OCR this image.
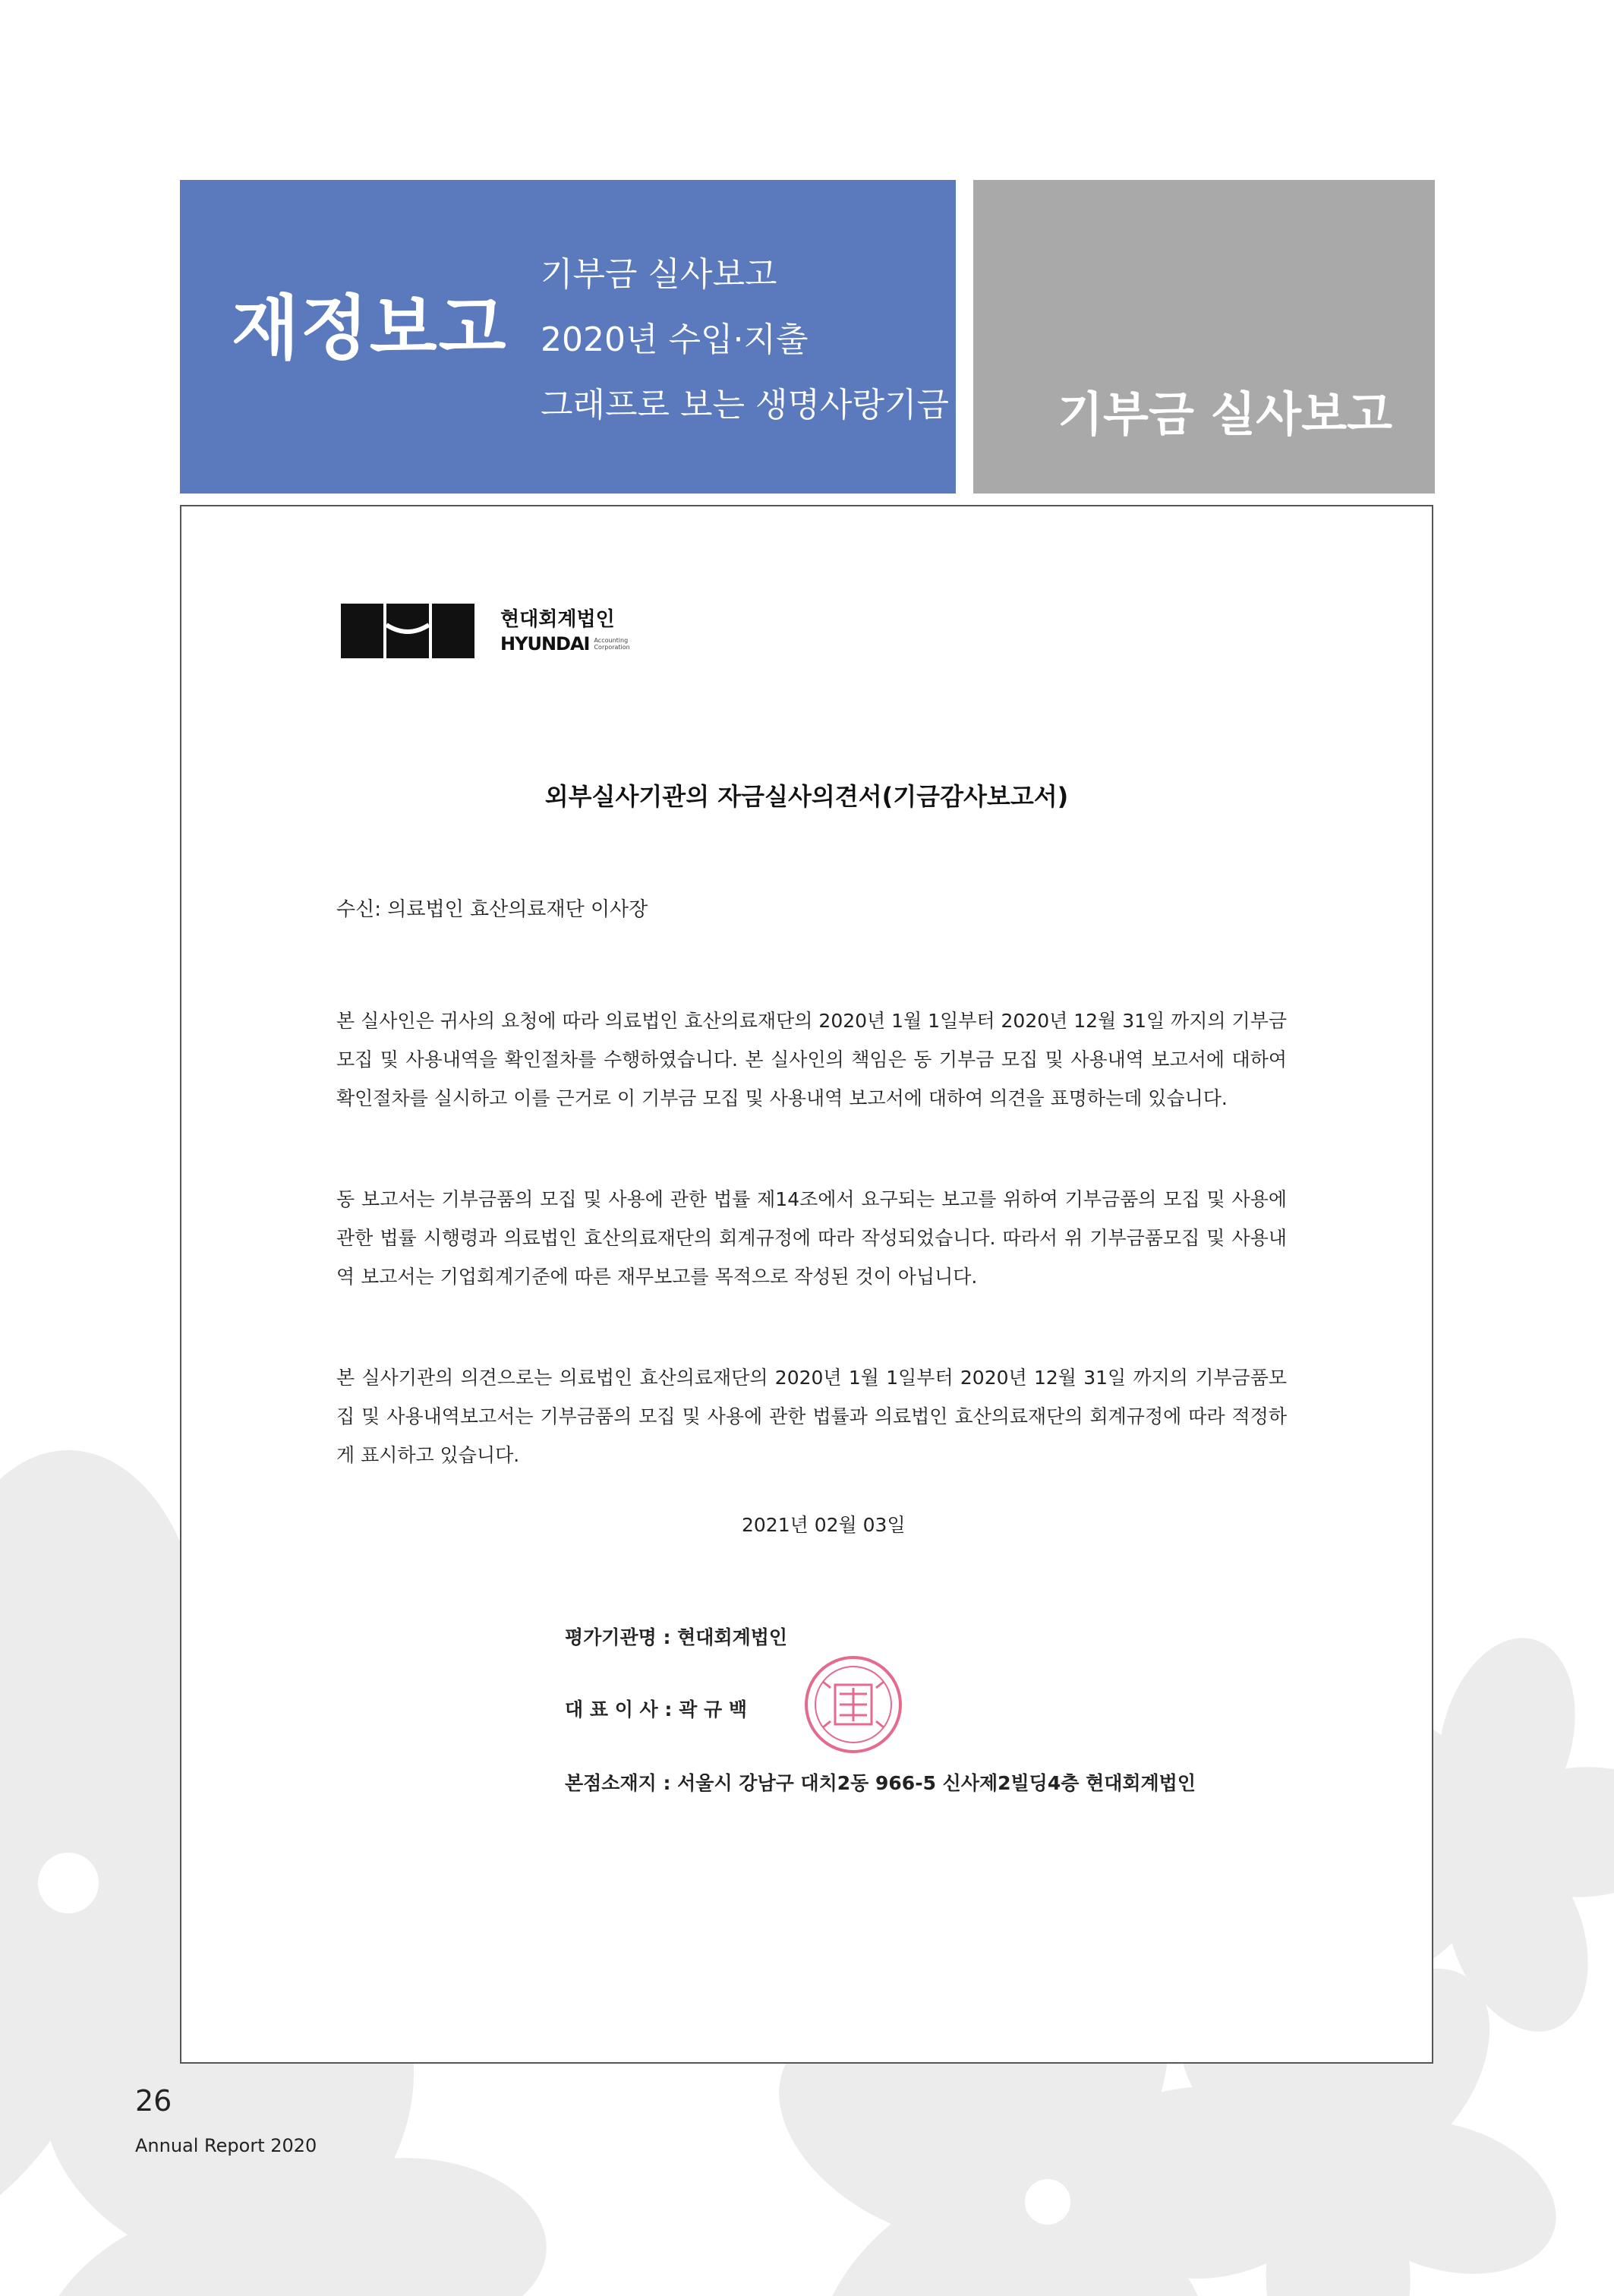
재정보고
기부금 실사보고
2020년 수입·지출
그래프로 보는 생명사랑기금 기부금 실사보고
현대회계법인
HYUNDAI Accounting
Corporation
외부실사기관의 자금실사의견서(기금감사보고서)
수신: 의료법인 효산의료재단 이사장

본 실사인은 귀사의 요청에 따라 의료법인 효산의료재단의 2020년 1월 1일부터 2020년 12월 31일 까지의 기부금 모집 및 사용내역을 확인절차를 수행하였습니다. 본 실사인의 책임은 동 기부금 모집 및 사용내역 보고서에 대하여 확인절차를 실시하고 이를 근거로 이 기부금 모집 및 사용내역 보고서에 대하여 의견을 표명하는데 있습니다.

동 보고서는 기부금품의 모집 및 사용에 관한 법률 제14조에서 요구되는 보고를 위하여 기부금품의 모집 및 사용에 관한 법률 시행령과 의료법인 효산의료재단의 회계규정에 따라 작성되었습니다. 따라서 위 기부금품모집 및 사용내역 보고서는 기업회계기준에 따른 재무보고를 목적으로 작성된 것이 아닙니다.

본 실사기관의 의견으로는 의료법인 효산의료재단의 2020년 1월 1일부터 2020년 12월 31일 까지의 기부금품모집 및 사용내역보고서는 기부금품의 모집 및 사용에 관한 법률과 의료법인 효산의료재단의 회계규정에 따라 적정하게 표시하고 있습니다.

2021년 02월 03일
평가기관명 : 현대회계법인
대 표 이 사 : 곽 규 백
본점소재지 : 서울시 강남구 대치2동 966-5 신사제2빌딩4층 현대회계법인
26
Annual Report 2020
